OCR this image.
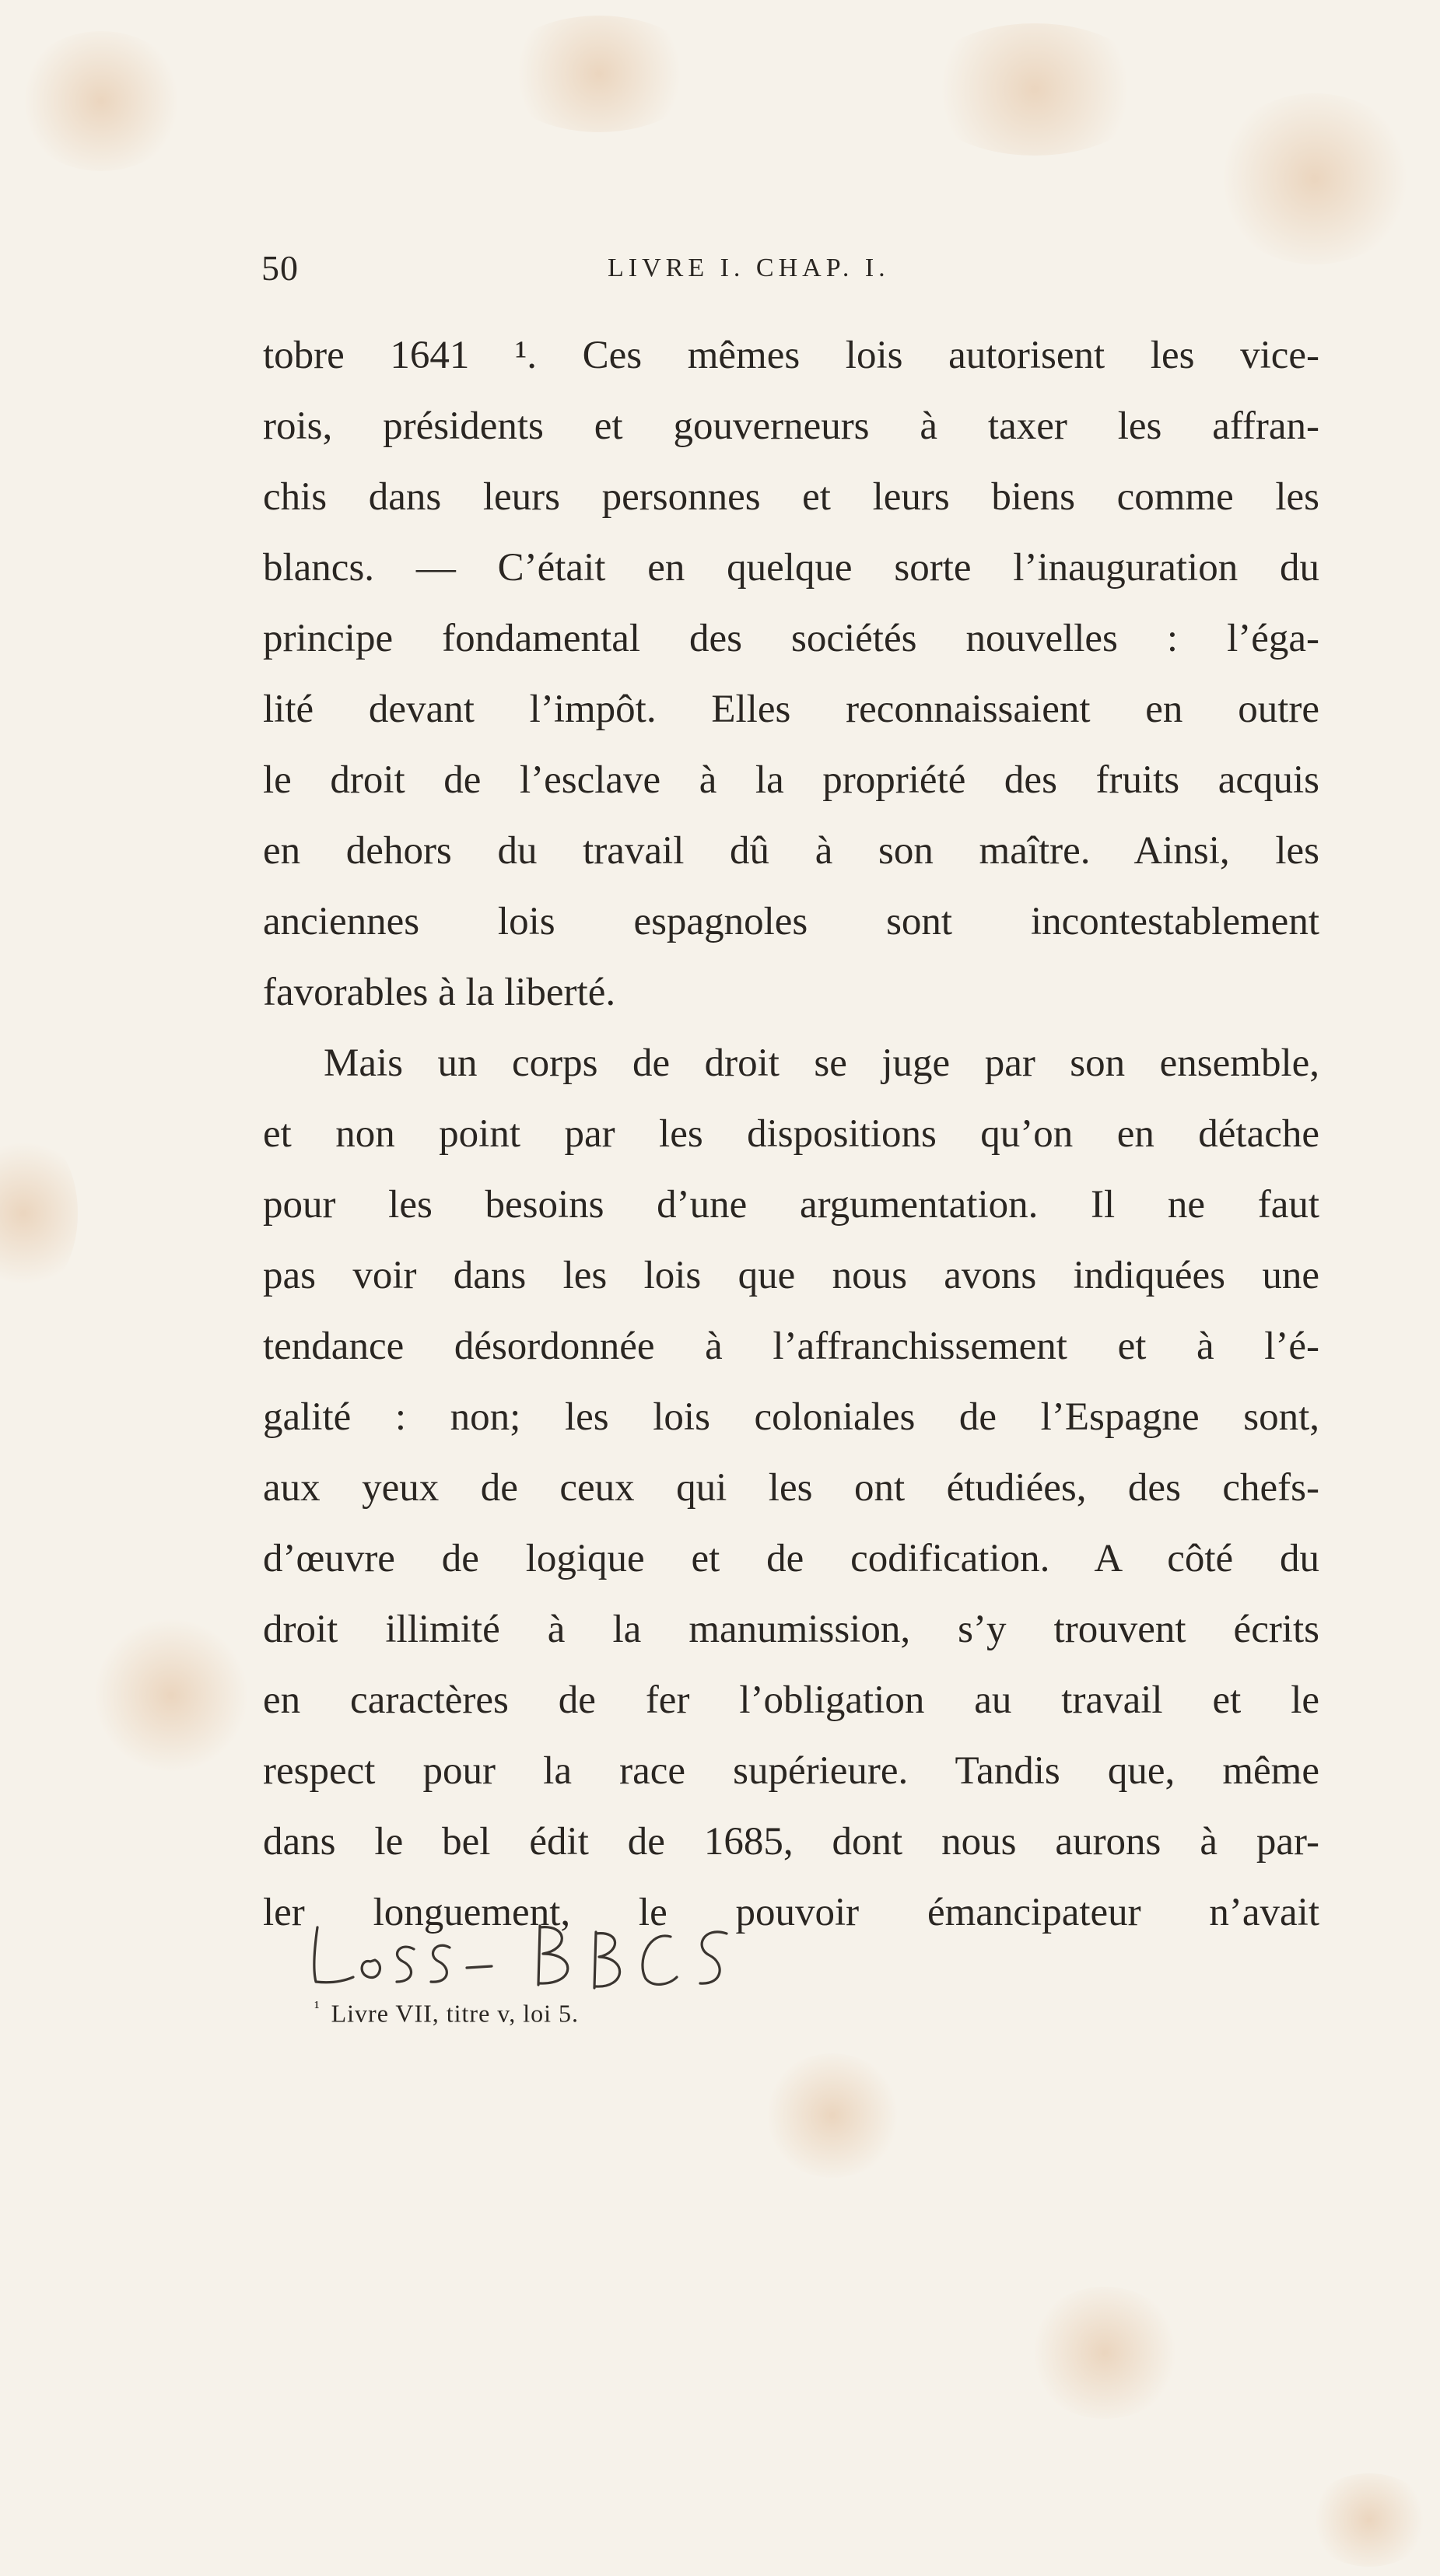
50	LIVRE I. CHAP. I.
tobre 1641 ¹. Ces mêmes lois autorisent les vice-
rois, présidents et gouverneurs à taxer les affran-
chis dans leurs personnes et leurs biens comme les
blancs. — C’était en quelque sorte l’inauguration du
principe fondamental des sociétés nouvelles : l’éga-
lité devant l’impôt. Elles reconnaissaient en outre
le droit de l’esclave à la propriété des fruits acquis
en dehors du travail dû à son maître. Ainsi, les
anciennes lois espagnoles sont incontestablement
favorables à la liberté.
Mais un corps de droit se juge par son ensemble,
et non point par les dispositions qu’on en détache
pour les besoins d’une argumentation. Il ne faut
pas voir dans les lois que nous avons indiquées une
tendance désordonnée à l’affranchissement et à l’é-
galité : non; les lois coloniales de l’Espagne sont,
aux yeux de ceux qui les ont étudiées, des chefs-
d’œuvre de logique et de codification. A côté du
droit illimité à la manumission, s’y trouvent écrits
en caractères de fer l’obligation au travail et le
respect pour la race supérieure. Tandis que, même
dans le bel édit de 1685, dont nous aurons à par-
ler longuement, le pouvoir émancipateur n’avait
$^{^1}$ Livre VII, titre v, loi 5.
